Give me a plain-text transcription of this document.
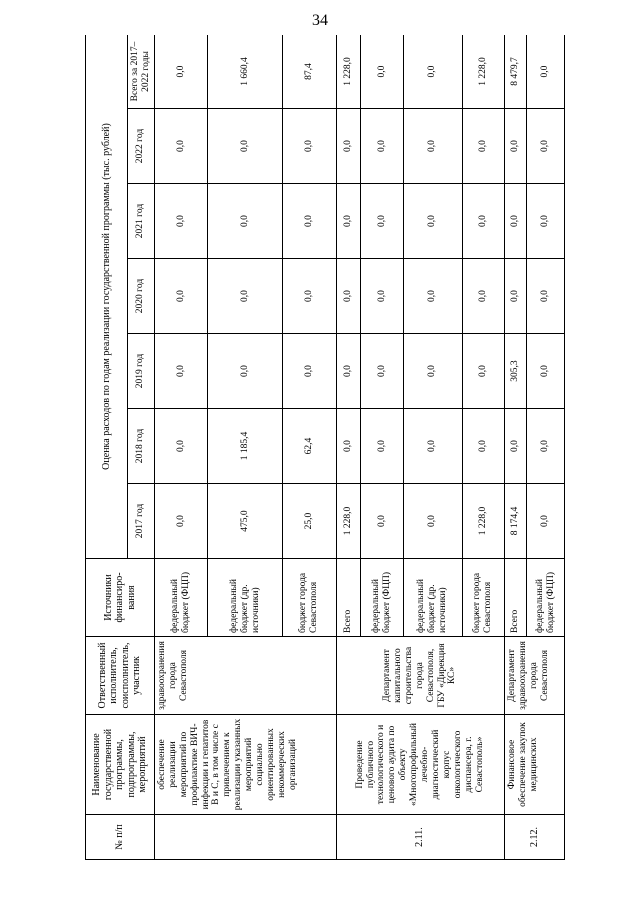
34
№ п/п	Наименование государственной программы, подпрограммы, мероприятий	Ответственный исполнитель, соисполнитель, участник	Источники финансиро-вания	Оценка расходов по годам реализации государственной программы (тыс. рублей)						
				2017 год	2018 год	2019 год	2020 год	2021 год	2022 год	Всего за 2017–2022 годы
	обеспечение реализации мероприятий по профилактике ВИЧ-инфекции и гепатитов В и С, в том числе с привлечением к реализации указанных мероприятий социально ориентированных некоммерческих организаций	здравоохранения города Севастополя	федеральный бюджет (ФЦП)	0,0	0,0	0,0	0,0	0,0	0,0	0,0
			федеральный бюджет (др. источники)	475,0	1 185,4	0,0	0,0	0,0	0,0	1 660,4
			бюджет города Севастополя	25,0	62,4	0,0	0,0	0,0	0,0	87,4
2.11.	Проведение публичного технологического и ценового аудита по объекту «Многопрофильный лечебно-диагностический корпус онкологического диспансера, г. Севастополь»	Департамент капитального строительства города Севастополя, ГБУ «Дирекция КС»	Всего	1 228,0	0,0	0,0	0,0	0,0	0,0	1 228,0
			федеральный бюджет (ФЦП)	0,0	0,0	0,0	0,0	0,0	0,0	0,0
			федеральный бюджет (др. источники)	0,0	0,0	0,0	0,0	0,0	0,0	0,0
			бюджет города Севастополя	1 228,0	0,0	0,0	0,0	0,0	0,0	1 228,0
2.12.	Финансовое обеспечение закупок медицинских	Департамент здравоохранения города Севастополя	Всего	8 174,4	0,0	305,3	0,0	0,0	0,0	8 479,7
			федеральный бюджет (ФЦП)	0,0	0,0	0,0	0,0	0,0	0,0	0,0
